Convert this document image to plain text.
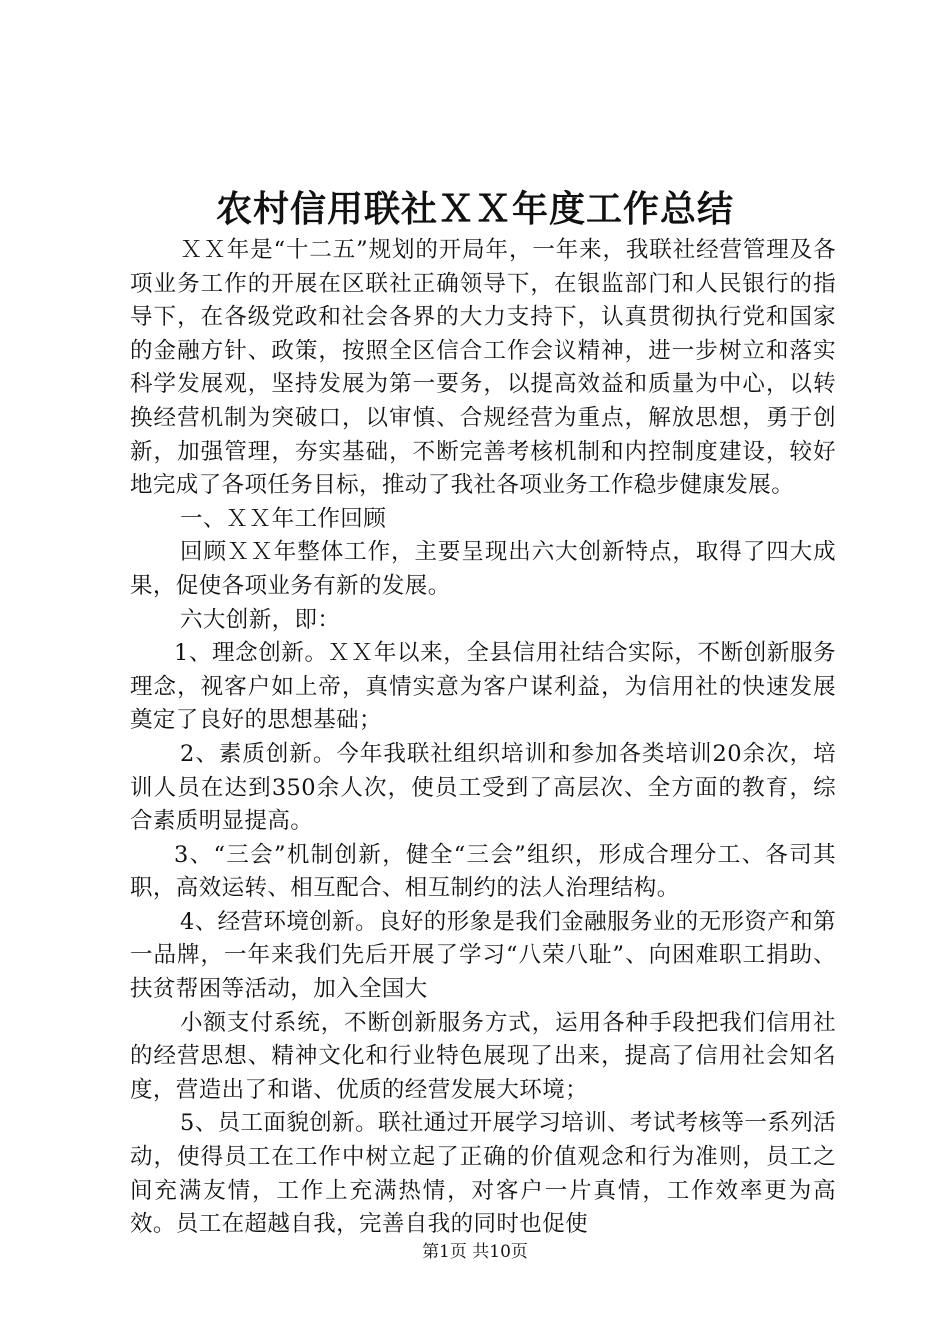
农村信用联社ＸＸ年度工作总结

ＸＸ年是“十二五”规划的开局年，一年来，我联社经营管理及各项业务工作的开展在区联社正确领导下，在银监部门和人民银行的指导下，在各级党政和社会各界的大力支持下，认真贯彻执行党和国家的金融方针、政策，按照全区信合工作会议精神，进一步树立和落实科学发展观，坚持发展为第一要务，以提高效益和质量为中心，以转换经营机制为突破口，以审慎、合规经营为重点，解放思想，勇于创新，加强管理，夯实基础，不断完善考核机制和内控制度建设，较好地完成了各项任务目标，推动了我社各项业务工作稳步健康发展。

一、ＸＸ年工作回顾

回顾ＸＸ年整体工作，主要呈现出六大创新特点，取得了四大成果，促使各项业务有新的发展。

六大创新，即：

1、理念创新。ＸＸ年以来，全县信用社结合实际，不断创新服务理念，视客户如上帝，真情实意为客户谋利益，为信用社的快速发展奠定了良好的思想基础；

2、素质创新。今年我联社组织培训和参加各类培训20余次，培训人员在达到350余人次，使员工受到了高层次、全方面的教育，综合素质明显提高。

3、“三会”机制创新，健全“三会”组织，形成合理分工、各司其职，高效运转、相互配合、相互制约的法人治理结构。

4、经营环境创新。良好的形象是我们金融服务业的无形资产和第一品牌，一年来我们先后开展了学习“八荣八耻”、向困难职工捐助、扶贫帮困等活动，加入全国大

小额支付系统，不断创新服务方式，运用各种手段把我们信用社的经营思想、精神文化和行业特色展现了出来，提高了信用社会知名度，营造出了和谐、优质的经营发展大环境；

5、员工面貌创新。联社通过开展学习培训、考试考核等一系列活动，使得员工在工作中树立起了正确的价值观念和行为准则，员工之间充满友情，工作上充满热情，对客户一片真情，工作效率更为高效。员工在超越自我，完善自我的同时也促使

第1页 共10页
